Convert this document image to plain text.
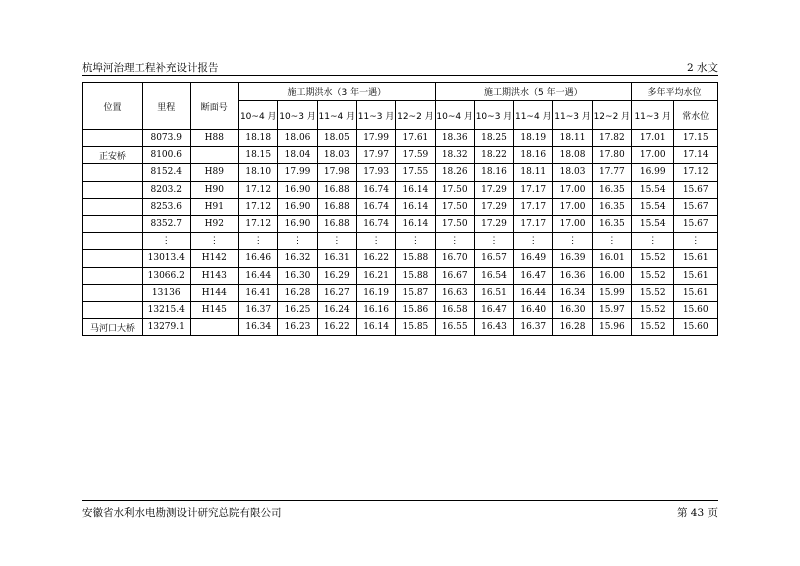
杭埠河治理工程补充设计报告	2 水文
位置	里程	断面号	施工期洪水（3 年一遇）					施工期洪水（5 年一遇）					多年平均水位	
			10~4 月	10~3 月	11~4 月	11~3 月	12~2 月	10~4 月	10~3 月	11~4 月	11~3 月	12~2 月	11~3 月	常水位
	8073.9	H88	18.18	18.06	18.05	17.99	17.61	18.36	18.25	18.19	18.11	17.82	17.01	17.15
正安桥	8100.6		18.15	18.04	18.03	17.97	17.59	18.32	18.22	18.16	18.08	17.80	17.00	17.14
	8152.4	H89	18.10	17.99	17.98	17.93	17.55	18.26	18.16	18.11	18.03	17.77	16.99	17.12
	8203.2	H90	17.12	16.90	16.88	16.74	16.14	17.50	17.29	17.17	17.00	16.35	15.54	15.67
	8253.6	H91	17.12	16.90	16.88	16.74	16.14	17.50	17.29	17.17	17.00	16.35	15.54	15.67
	8352.7	H92	17.12	16.90	16.88	16.74	16.14	17.50	17.29	17.17	17.00	16.35	15.54	15.67
	⋮	⋮	⋮	⋮	⋮	⋮	⋮	⋮	⋮	⋮	⋮	⋮	⋮	⋮
	13013.4	H142	16.46	16.32	16.31	16.22	15.88	16.70	16.57	16.49	16.39	16.01	15.52	15.61
	13066.2	H143	16.44	16.30	16.29	16.21	15.88	16.67	16.54	16.47	16.36	16.00	15.52	15.61
	13136	H144	16.41	16.28	16.27	16.19	15.87	16.63	16.51	16.44	16.34	15.99	15.52	15.61
	13215.4	H145	16.37	16.25	16.24	16.16	15.86	16.58	16.47	16.40	16.30	15.97	15.52	15.60
马河口大桥	13279.1		16.34	16.23	16.22	16.14	15.85	16.55	16.43	16.37	16.28	15.96	15.52	15.60
安徽省水利水电勘测设计研究总院有限公司	第 43 页
